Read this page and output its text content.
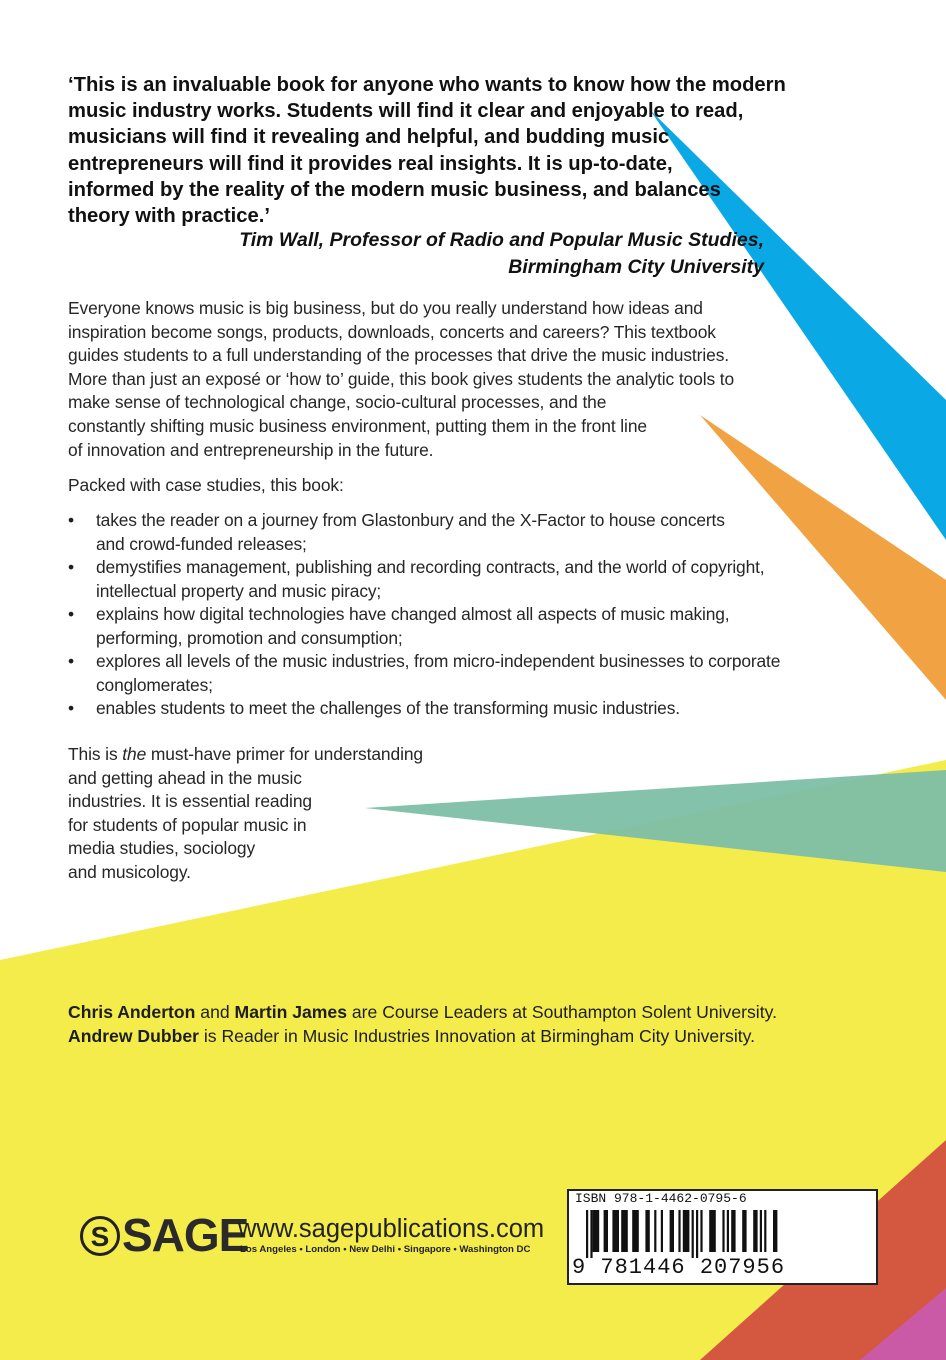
‘This is an invaluable book for anyone who wants to know how the modern
music industry works. Students will find it clear and enjoyable to read,
musicians will find it revealing and helpful, and budding music
entrepreneurs will find it provides real insights. It is up-to-date,
informed by the reality of the modern music business, and balances
theory with practice.’
Tim Wall, Professor of Radio and Popular Music Studies,
Birmingham City University
Everyone knows music is big business, but do you really understand how ideas and
inspiration become songs, products, downloads, concerts and careers? This textbook
guides students to a full understanding of the processes that drive the music industries.
More than just an exposé or ‘how to’ guide, this book gives students the analytic tools to
make sense of technological change, socio-cultural processes, and the
constantly shifting music business environment, putting them in the front line
of innovation and entrepreneurship in the future.
Packed with case studies, this book:
•	takes the reader on a journey from Glastonbury and the X-Factor to house concerts
and crowd-funded releases;
•	demystifies management, publishing and recording contracts, and the world of copyright,
intellectual property and music piracy;
•	explains how digital technologies have changed almost all aspects of music making,
performing, promotion and consumption;
•	explores all levels of the music industries, from micro-independent businesses to corporate
conglomerates;
•	enables students to meet the challenges of the transforming music industries.
This is the must-have primer for understanding
and getting ahead in the music
industries. It is essential reading
for students of popular music in
media studies, sociology
and musicology.
Chris Anderton and Martin James are Course Leaders at Southampton Solent University.
Andrew Dubber is Reader in Music Industries Innovation at Birmingham City University.
S SAGE
www.sagepublications.com
Los Angeles • London • New Delhi • Singapore • Washington DC
ISBN 978-1-4462-0795-6
9 781446 207956
